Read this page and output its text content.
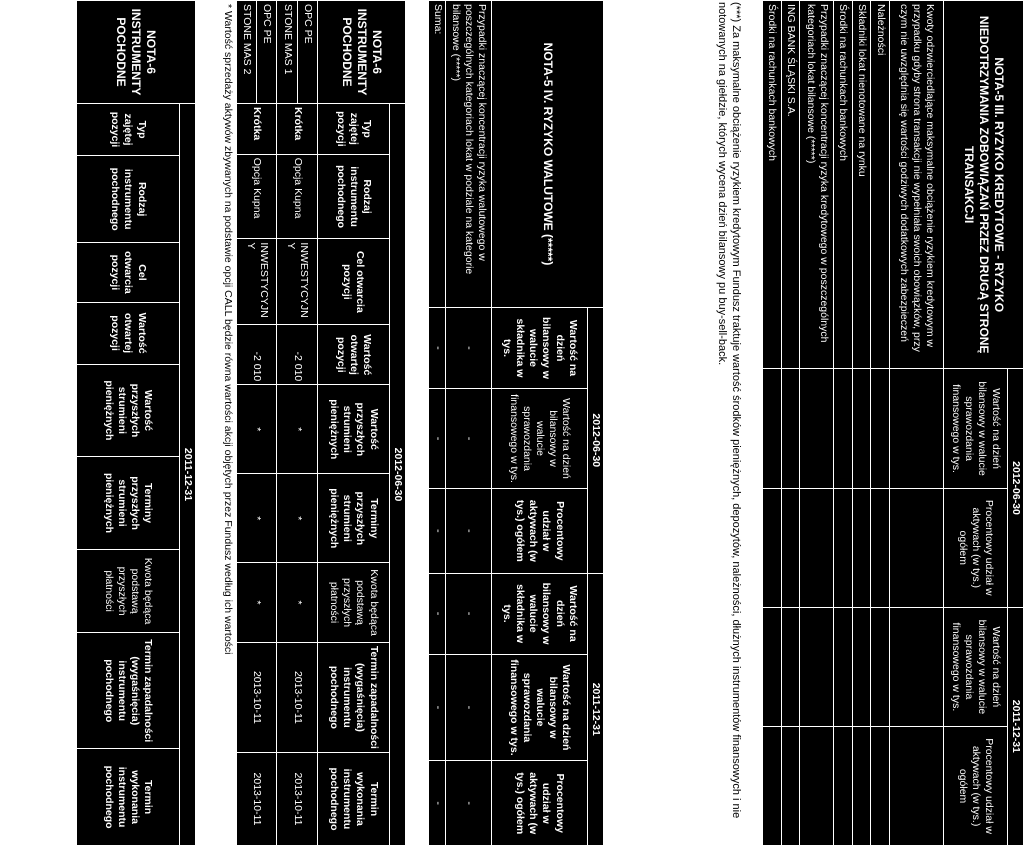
NOTA-5 III. RYZYKO KREDYTOWE - RYZYKO
NIEDOTRZYMANIA ZOBOWIĄZAŃ PRZEZ DRUGĄ STRONĘ
TRANSAKCJI	2012-06-30		2011-12-31	
	Wartość na dzień bilansowy w walucie sprawozdania finansowego w tys.	Procentowy udział w aktywach (w tys.) ogółem	Wartość na dzień bilansowy w walucie sprawozdania finansowego w tys.	Procentowy udział w aktywach (w tys.) ogółem
Kwoty odzwierciedlające maksymalne obciążenie ryzykiem kredytowym w przypadku gdyby strona transakcji nie wypełniała swoich obowiązków, przy czym nie uwzględnia się wartości godziwych dodatkowych zabezpieczeń				
Należności				
Składniki lokat nienotowane na rynku				
Środki na rachunkach bankowych				
Przypadki znaczącej koncentracji ryzyka kredytowego w poszczególnych kategoriach lokat bilansowe (*****)				
ING BANK ŚLĄSKI S.A.				
Środki na rachunkach bankowych				
(***) Za maksymalne obciążenie ryzykiem kredytowym Fundusz traktuje wartość środków pieniężnych, depozytów, należności, dłużnych instrumentów finansowych i nie notowanych na giełdzie, których wycena dzień bilansowy pu buy-sell-back.
NOTA-5 IV. RYZYKO WALUTOWE (*****)	2012-06-30			2011-12-31		
	Wartość na dzień bilansowy w walucie składnika w tys.	Wartość na dzień bilansowy w walucie sprawozdania finansowego w tys.	Procentowy udział w aktywach (w tys.) ogółem	Wartość na dzień bilansowy w walucie składnika w tys.	Wartość na dzień bilansowy w walucie sprawozdania finansowego w tys.	Procentowy udział w aktywach (w tys.) ogółem
Przypadki znaczącej koncentracji ryzyka walutowego w poszczególnych kategoriach lokat w podziale na kategorie bilansowe (*****)	-	-	-	-	-	-
Suma:	-	-	-	-	-	-
NOTA-6
INSTRUMENTY
POCHODNE	2012-06-30								
	Typ zajętej pozycji	Rodzaj instrumentu pochodnego	Cel otwarcia pozycji	Wartość otwartej pozycji	Wartość przyszłych strumieni pieniężnych	Terminy przyszłych strumieni pieniężnych	Kwota będąca podstawą przyszłych płatności	Termin zapadalności (wygaśnięcia) instrumentu pochodnego	Termin wykonania instrumentu pochodnego
OPC PE	Krótka	Opcja Kupna	INWESTYCYJN Y	-2 010	*	*	*	2013-10-11	2013-10-11
STONE MAS 1									
OPC PE	Krótka	Opcja Kupna	INWESTYCYJN Y	-2 010	*	*	*	2013-10-11	2013-10-11
STONE MAS 2									
* Wartość sprzedaży aktywów zbywanych na podstawie opcji CALL będzie równa wartości akcji objętych przez Fundusz według ich wartości
NOTA-6
INSTRUMENTY
POCHODNE	2011-12-31								
	Typ zajętej pozycji	Rodzaj instrumentu pochodnego	Cel otwarcia pozycji	Wartość otwartej pozycji	Wartość przyszłych strumieni pieniężnych	Terminy przyszłych strumieni pieniężnych	Kwota będąca podstawą przyszłych płatności	Termin zapadalności (wygaśnięcia) instrumentu pochodnego	Termin wykonania instrumentu pochodnego
